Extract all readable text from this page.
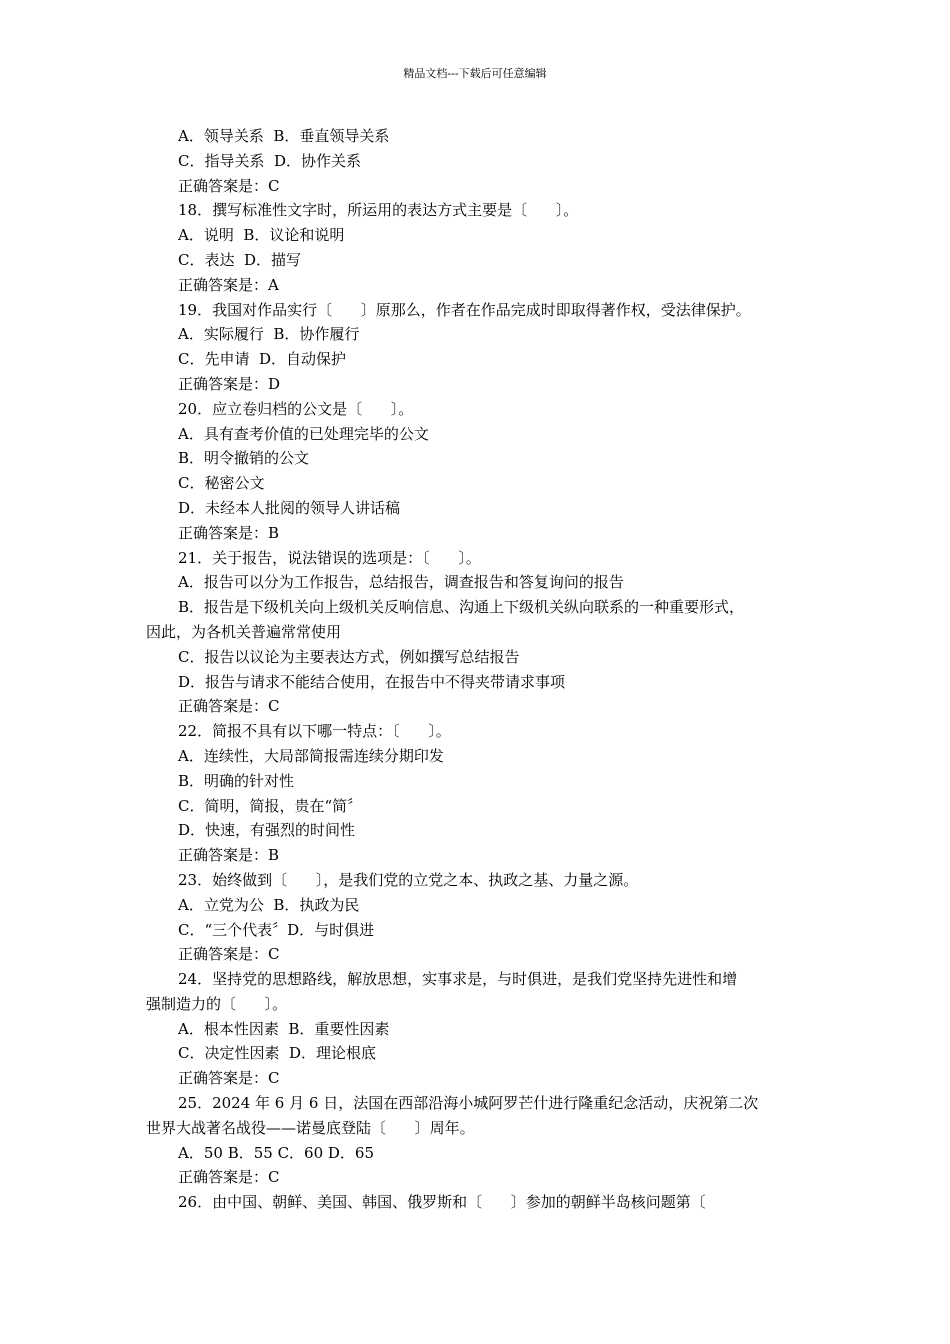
精品文档---下载后可任意编辑
A．领导关系  B．垂直领导关系
C．指导关系  D．协作关系
正确答案是：C
18．撰写标准性文字时，所运用的表达方式主要是〔      〕。
A．说明  B．议论和说明
C．表达  D．描写
正确答案是：A
19．我国对作品实行〔      〕原那么，作者在作品完成时即取得著作权，受法律保护。
A．实际履行  B．协作履行
C．先申请  D．自动保护
正确答案是：D
20．应立卷归档的公文是〔      〕。
A．具有查考价值的已处理完毕的公文
B．明令撤销的公文
C．秘密公文
D．未经本人批阅的领导人讲话稿
正确答案是：B
21．关于报告，说法错误的选项是：〔      〕。
A．报告可以分为工作报告，总结报告，调查报告和答复询问的报告
B．报告是下级机关向上级机关反响信息、沟通上下级机关纵向联系的一种重要形式，
因此，为各机关普遍常常使用
C．报告以议论为主要表达方式，例如撰写总结报告
D．报告与请求不能结合使用，在报告中不得夹带请求事项
正确答案是：C
22．简报不具有以下哪一特点：〔      〕。
A．连续性，大局部简报需连续分期印发
B．明确的针对性
C．简明，简报，贵在“简〞
D．快速，有强烈的时间性
正确答案是：B
23．始终做到〔      〕，是我们党的立党之本、执政之基、力量之源。
A．立党为公  B．执政为民
C．“三个代表〞D．与时俱进
正确答案是：C
24．坚持党的思想路线，解放思想，实事求是，与时俱进，是我们党坚持先进性和增
强制造力的〔      〕。
A．根本性因素  B．重要性因素
C．决定性因素  D．理论根底
正确答案是：C
25．2024 年 6 月 6 日，法国在西部沿海小城阿罗芒什进行隆重纪念活动，庆祝第二次
世界大战著名战役——诺曼底登陆〔      〕周年。
A．50 B．55 C．60 D．65
正确答案是：C
26．由中国、朝鲜、美国、韩国、俄罗斯和〔      〕参加的朝鲜半岛核问题第〔
